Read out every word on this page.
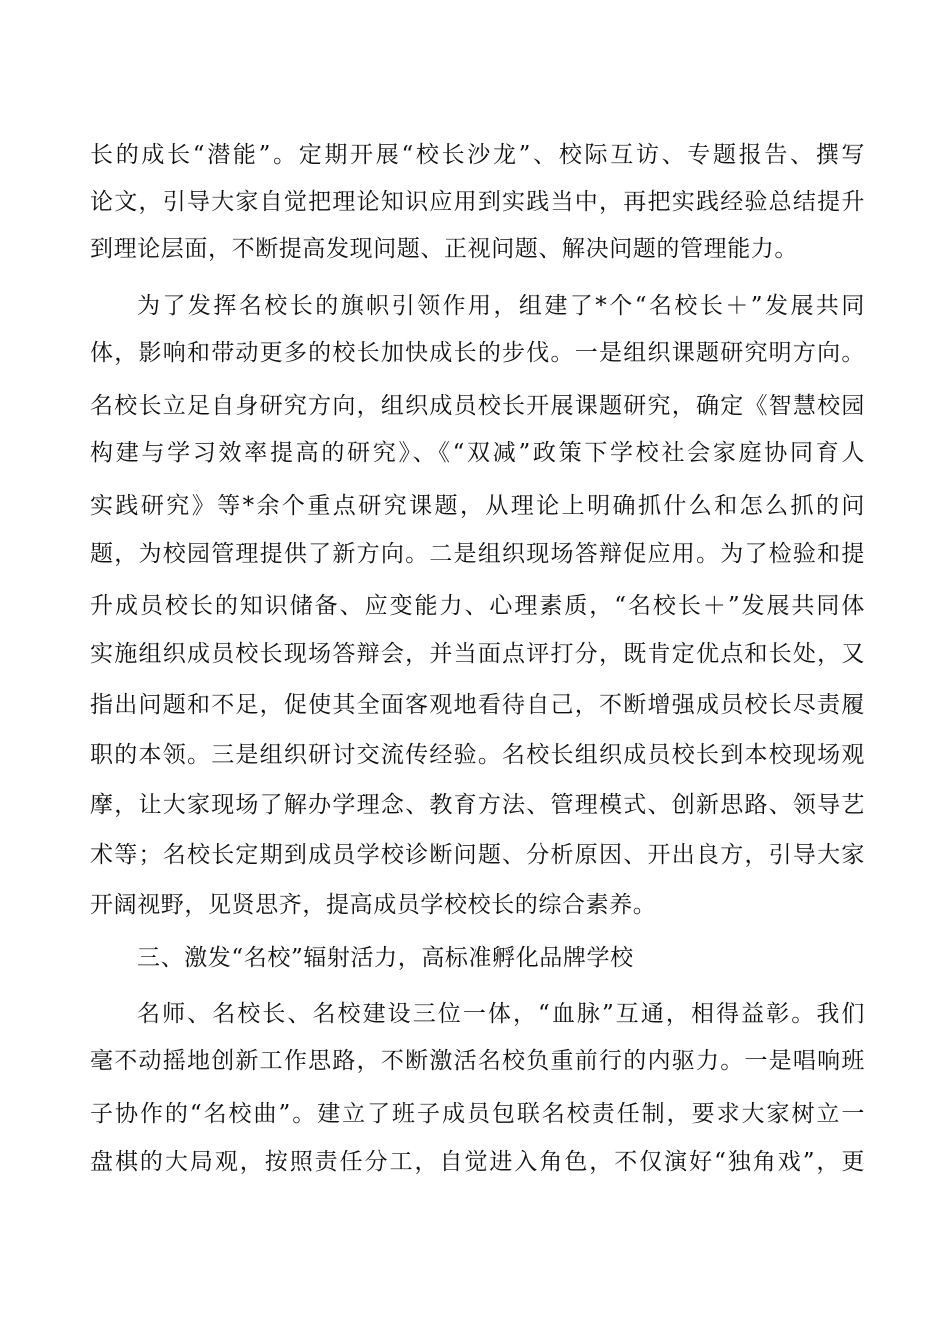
长的成长“潜能”。定期开展“校长沙龙”、校际互访、专题报告、撰写
论文，引导大家自觉把理论知识应用到实践当中，再把实践经验总结提升
到理论层面，不断提高发现问题、正视问题、解决问题的管理能力。
为了发挥名校长的旗帜引领作用，组建了*个“名校长＋”发展共同
体，影响和带动更多的校长加快成长的步伐。一是组织课题研究明方向。
名校长立足自身研究方向，组织成员校长开展课题研究，确定《智慧校园
构建与学习效率提高的研究》、《“双减”政策下学校社会家庭协同育人
实践研究》等*余个重点研究课题，从理论上明确抓什么和怎么抓的问
题，为校园管理提供了新方向。二是组织现场答辩促应用。为了检验和提
升成员校长的知识储备、应变能力、心理素质，“名校长＋”发展共同体
实施组织成员校长现场答辩会，并当面点评打分，既肯定优点和长处，又
指出问题和不足，促使其全面客观地看待自己，不断增强成员校长尽责履
职的本领。三是组织研讨交流传经验。名校长组织成员校长到本校现场观
摩，让大家现场了解办学理念、教育方法、管理模式、创新思路、领导艺
术等；名校长定期到成员学校诊断问题、分析原因、开出良方，引导大家
开阔视野，见贤思齐，提高成员学校校长的综合素养。
三、激发“名校”辐射活力，高标准孵化品牌学校
名师、名校长、名校建设三位一体，“血脉”互通，相得益彰。我们
毫不动摇地创新工作思路，不断激活名校负重前行的内驱力。一是唱响班
子协作的“名校曲”。建立了班子成员包联名校责任制，要求大家树立一
盘棋的大局观，按照责任分工，自觉进入角色，不仅演好“独角戏”，更
